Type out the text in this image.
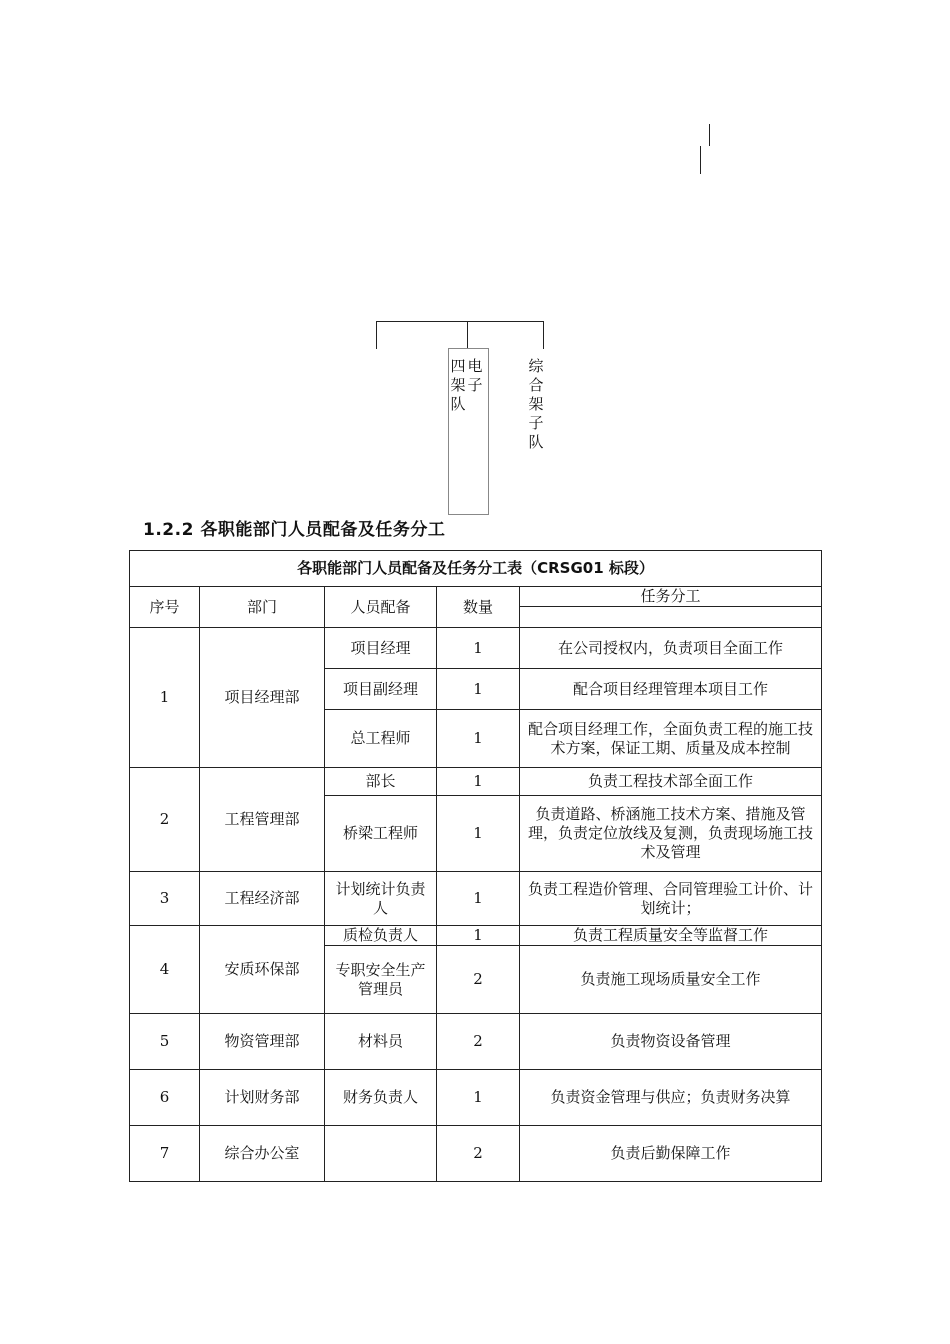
四
架
队
电
子
综
合
架
子
队
1.2.2 各职能部门人员配备及任务分工
各职能部门人员配备及任务分工表（CRSG01 标段）				
序号	部门	人员配备	数量	任务分工

1	项目经理部	项目经理	1	在公司授权内，负责项目全面工作
		项目副经理	1	配合项目经理管理本项目工作
		总工程师	1	配合项目经理工作，全面负责工程的施工技术方案，保证工期、质量及成本控制
2	工程管理部	部长	1	负责工程技术部全面工作
		桥梁工程师	1	负责道路、桥涵施工技术方案、措施及管理，负责定位放线及复测，负责现场施工技术及管理
3	工程经济部	计划统计负责人	1	负责工程造价管理、合同管理验工计价、计划统计；
4	安质环保部	质检负责人	1	负责工程质量安全等监督工作
		专职安全生产管理员	2	负责施工现场质量安全工作
5	物资管理部	材料员	2	负责物资设备管理
6	计划财务部	财务负责人	1	负责资金管理与供应；负责财务决算
7	综合办公室		2	负责后勤保障工作
